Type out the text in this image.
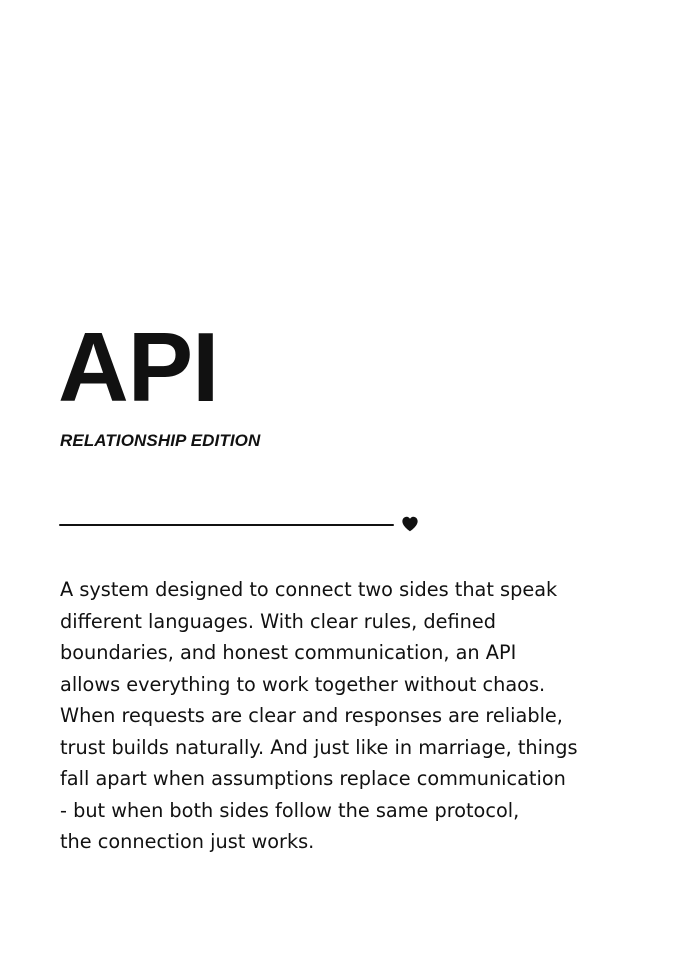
API
RELATIONSHIP EDITION

A system designed to connect two sides that speak
different languages. With clear rules, defined
boundaries, and honest communication, an API
allows everything to work together without chaos.
When requests are clear and responses are reliable,
trust builds naturally. And just like in marriage, things
fall apart when assumptions replace communication
- but when both sides follow the same protocol,
the connection just works.
